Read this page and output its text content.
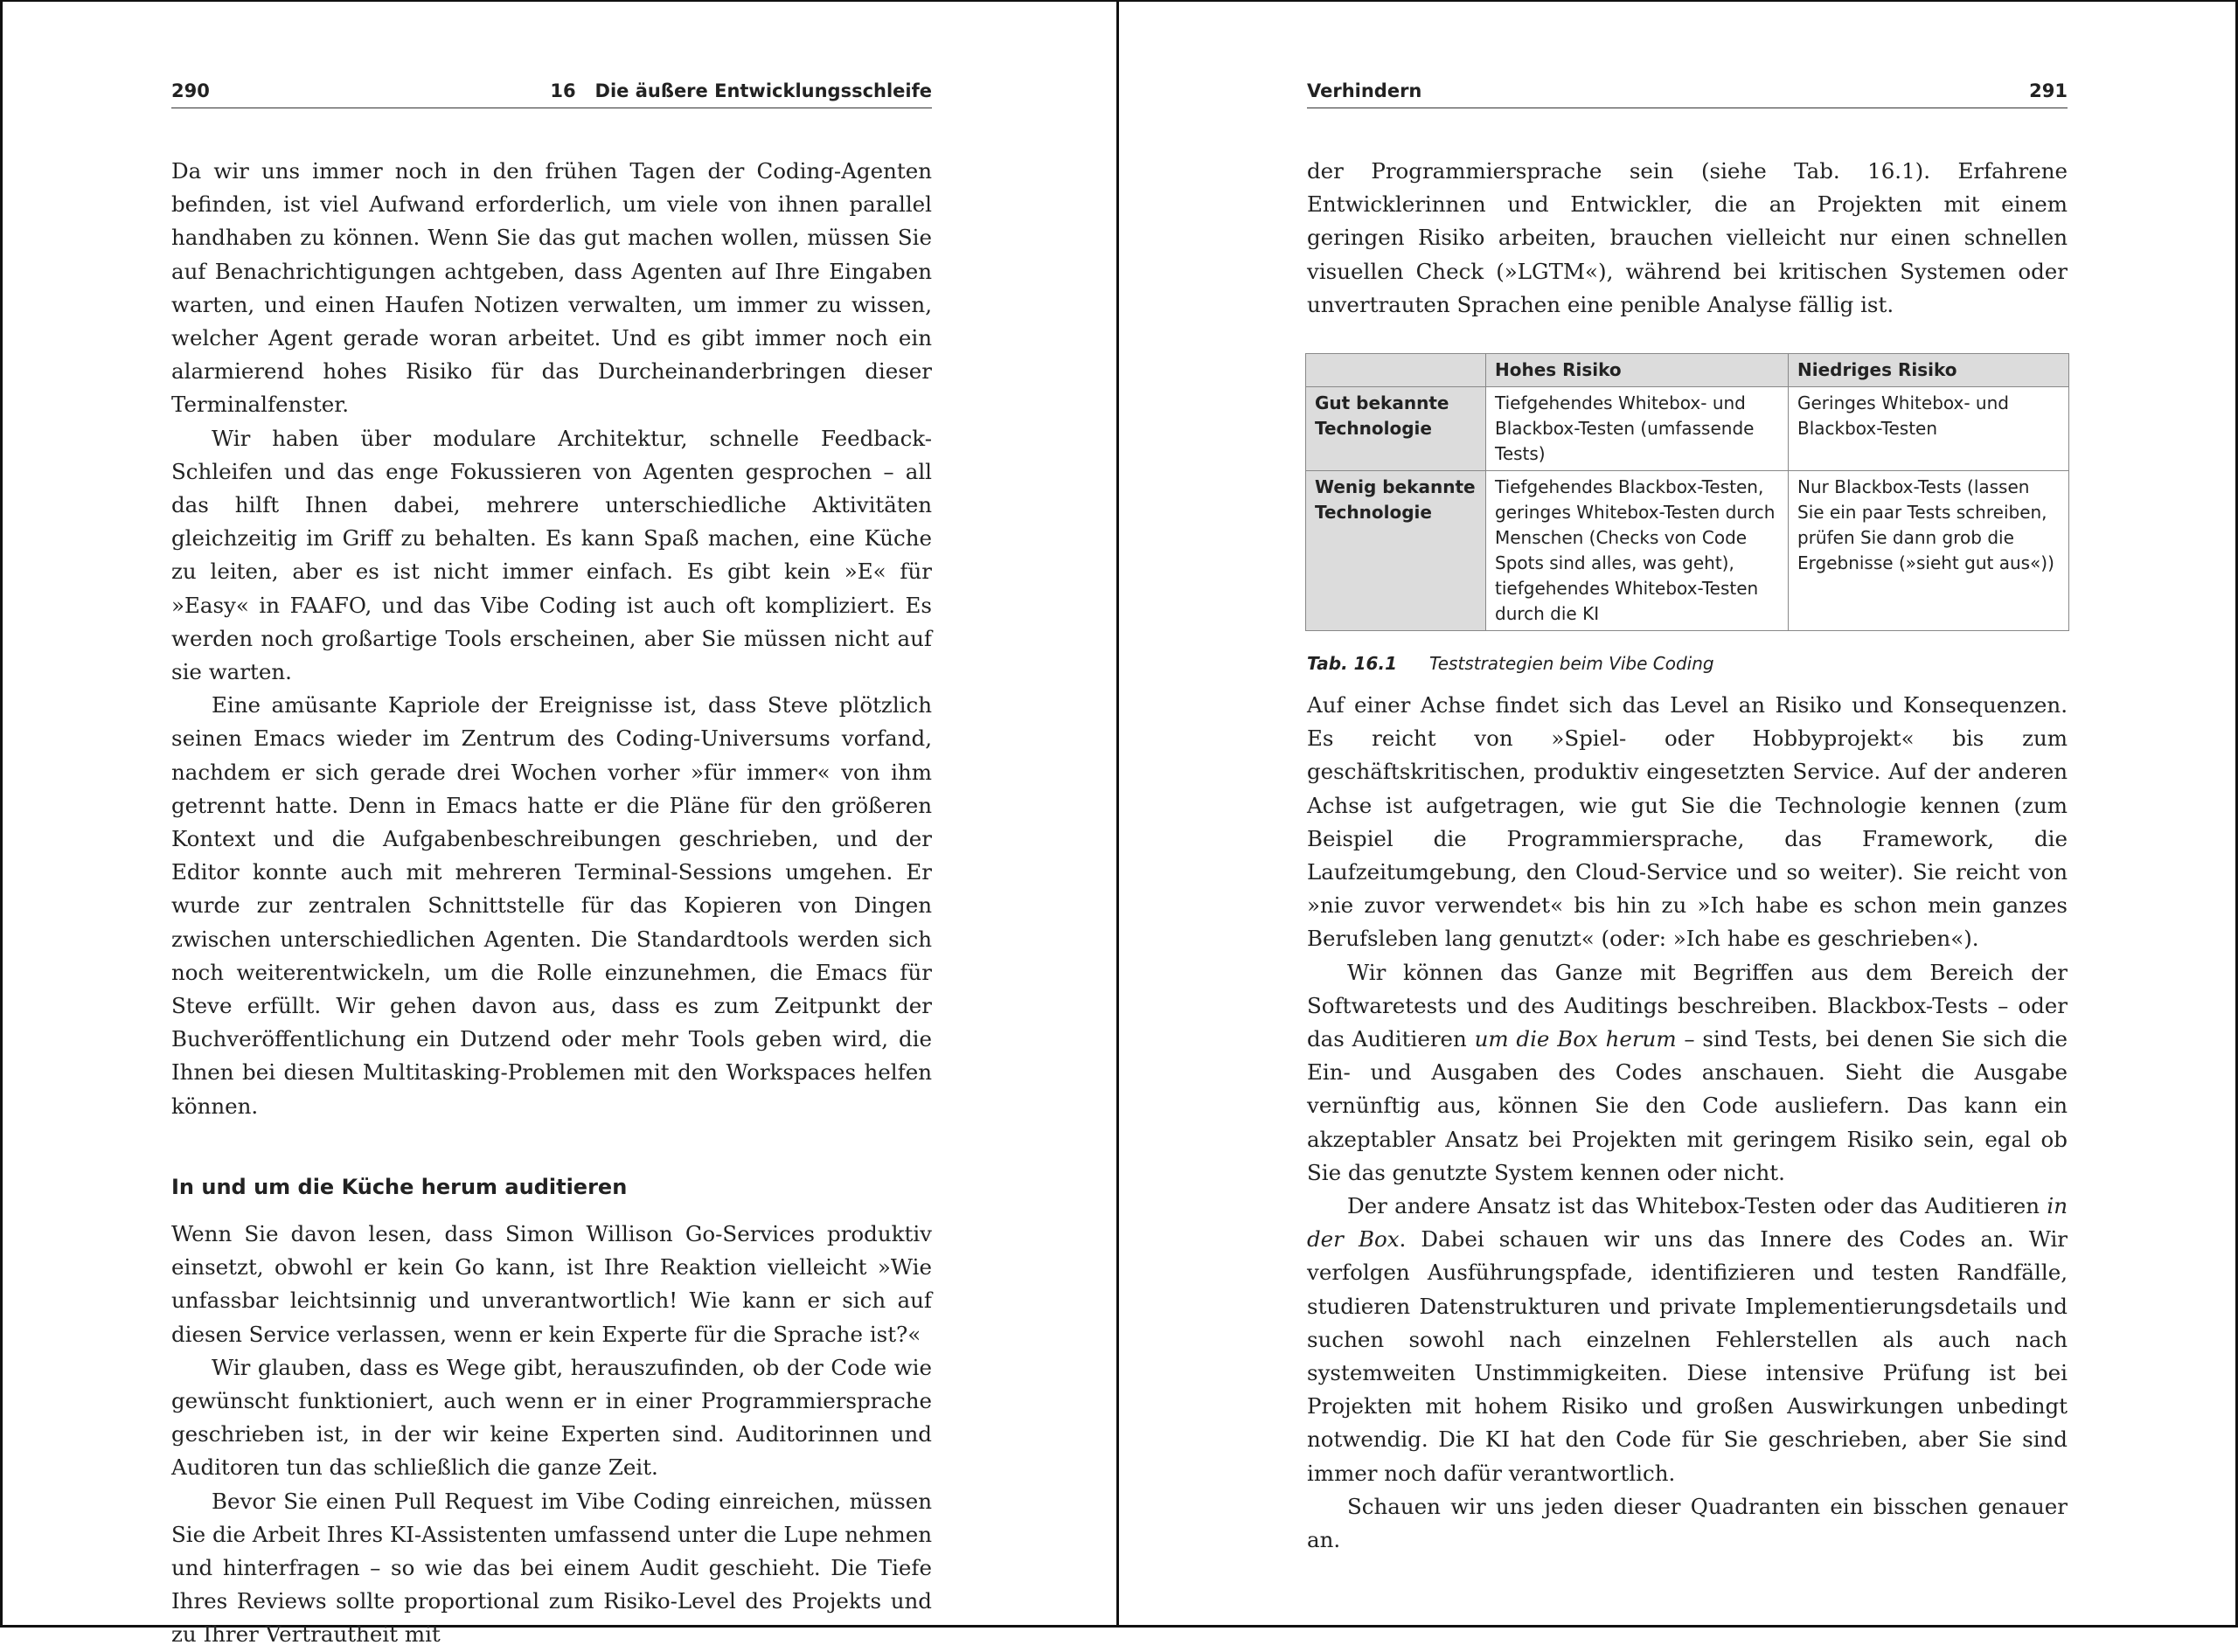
290	16   Die äußere Entwicklungsschleife

Da wir uns immer noch in den frühen Tagen der Coding-Agenten befinden, ist viel Aufwand erforderlich, um viele von ihnen parallel handhaben zu können. Wenn Sie das gut machen wollen, müssen Sie auf Benachrichtigungen achtgeben, dass Agenten auf Ihre Eingaben warten, und einen Haufen Notizen verwalten, um immer zu wissen, welcher Agent gerade woran arbeitet. Und es gibt immer noch ein alarmierend hohes Risiko für das Durcheinanderbringen dieser Terminalfenster.

Wir haben über modulare Architektur, schnelle Feedback-Schleifen und das enge Fokussieren von Agenten gesprochen – all das hilft Ihnen dabei, mehrere unterschiedliche Aktivitäten gleichzeitig im Griff zu behalten. Es kann Spaß machen, eine Küche zu leiten, aber es ist nicht immer einfach. Es gibt kein »E« für »Easy« in FAAFO, und das Vibe Coding ist auch oft kompliziert. Es werden noch großartige Tools erscheinen, aber Sie müssen nicht auf sie warten.

Eine amüsante Kapriole der Ereignisse ist, dass Steve plötzlich seinen Emacs wieder im Zentrum des Coding-Universums vorfand, nachdem er sich gerade drei Wochen vorher »für immer« von ihm getrennt hatte. Denn in Emacs hatte er die Pläne für den größeren Kontext und die Aufgabenbeschreibungen geschrieben, und der Editor konnte auch mit mehreren Terminal-Sessions umgehen. Er wurde zur zentralen Schnittstelle für das Kopieren von Dingen zwischen unterschiedlichen Agenten. Die Standardtools werden sich noch weiterentwickeln, um die Rolle einzunehmen, die Emacs für Steve erfüllt. Wir gehen davon aus, dass es zum Zeitpunkt der Buchveröffentlichung ein Dutzend oder mehr Tools geben wird, die Ihnen bei diesen Multitasking-Problemen mit den Workspaces helfen können.

In und um die Küche herum auditieren

Wenn Sie davon lesen, dass Simon Willison Go-Services produktiv einsetzt, obwohl er kein Go kann, ist Ihre Reaktion vielleicht »Wie unfassbar leichtsinnig und unverantwortlich! Wie kann er sich auf diesen Service verlassen, wenn er kein Experte für die Sprache ist?«

Wir glauben, dass es Wege gibt, herauszufinden, ob der Code wie gewünscht funktioniert, auch wenn er in einer Programmiersprache geschrieben ist, in der wir keine Experten sind. Auditorinnen und Auditoren tun das schließlich die ganze Zeit.

Bevor Sie einen Pull Request im Vibe Coding einreichen, müssen Sie die Arbeit Ihres KI-Assistenten umfassend unter die Lupe nehmen und hinterfragen – so wie das bei einem Audit geschieht. Die Tiefe Ihres Reviews sollte proportional zum Risiko-Level des Projekts und zu Ihrer Vertrautheit mit

Verhindern	291

der Programmiersprache sein (siehe Tab. 16.1). Erfahrene Entwicklerinnen und Entwickler, die an Projekten mit einem geringen Risiko arbeiten, brauchen vielleicht nur einen schnellen visuellen Check (»LGTM«), während bei kritischen Systemen oder unvertrauten Sprachen eine penible Analyse fällig ist.

	Hohes Risiko	Niedriges Risiko
Gut bekannte Technologie	Tiefgehendes Whitebox- und Blackbox-Testen (umfassende Tests)	Geringes Whitebox- und Blackbox-Testen
Wenig bekannte Technologie	Tiefgehendes Blackbox-Testen, geringes Whitebox-Testen durch Menschen (Checks von Code Spots sind alles, was geht), tiefgehendes Whitebox-Testen durch die KI	Nur Blackbox-Tests (lassen Sie ein paar Tests schreiben, prüfen Sie dann grob die Ergebnisse (»sieht gut aus«))
Tab. 16.1 Teststrategien beim Vibe Coding

Auf einer Achse findet sich das Level an Risiko und Konsequenzen. Es reicht von »Spiel- oder Hobbyprojekt« bis zum geschäftskritischen, produktiv eingesetzten Service. Auf der anderen Achse ist aufgetragen, wie gut Sie die Technologie kennen (zum Beispiel die Programmiersprache, das Framework, die Laufzeitumgebung, den Cloud-Service und so weiter). Sie reicht von »nie zuvor verwendet« bis hin zu »Ich habe es schon mein ganzes Berufsleben lang genutzt« (oder: »Ich habe es geschrieben«).

Wir können das Ganze mit Begriffen aus dem Bereich der Softwaretests und des Auditings beschreiben. Blackbox-Tests – oder das Auditieren um die Box herum – sind Tests, bei denen Sie sich die Ein- und Ausgaben des Codes anschauen. Sieht die Ausgabe vernünftig aus, können Sie den Code ausliefern. Das kann ein akzeptabler Ansatz bei Projekten mit geringem Risiko sein, egal ob Sie das genutzte System kennen oder nicht.

Der andere Ansatz ist das Whitebox-Testen oder das Auditieren in der Box. Dabei schauen wir uns das Innere des Codes an. Wir verfolgen Ausführungspfade, identifizieren und testen Randfälle, studieren Datenstrukturen und private Implementierungsdetails und suchen sowohl nach einzelnen Fehlerstellen als auch nach systemweiten Unstimmigkeiten. Diese intensive Prüfung ist bei Projekten mit hohem Risiko und großen Auswirkungen unbedingt notwendig. Die KI hat den Code für Sie geschrieben, aber Sie sind immer noch dafür verantwortlich.

Schauen wir uns jeden dieser Quadranten ein bisschen genauer an.
